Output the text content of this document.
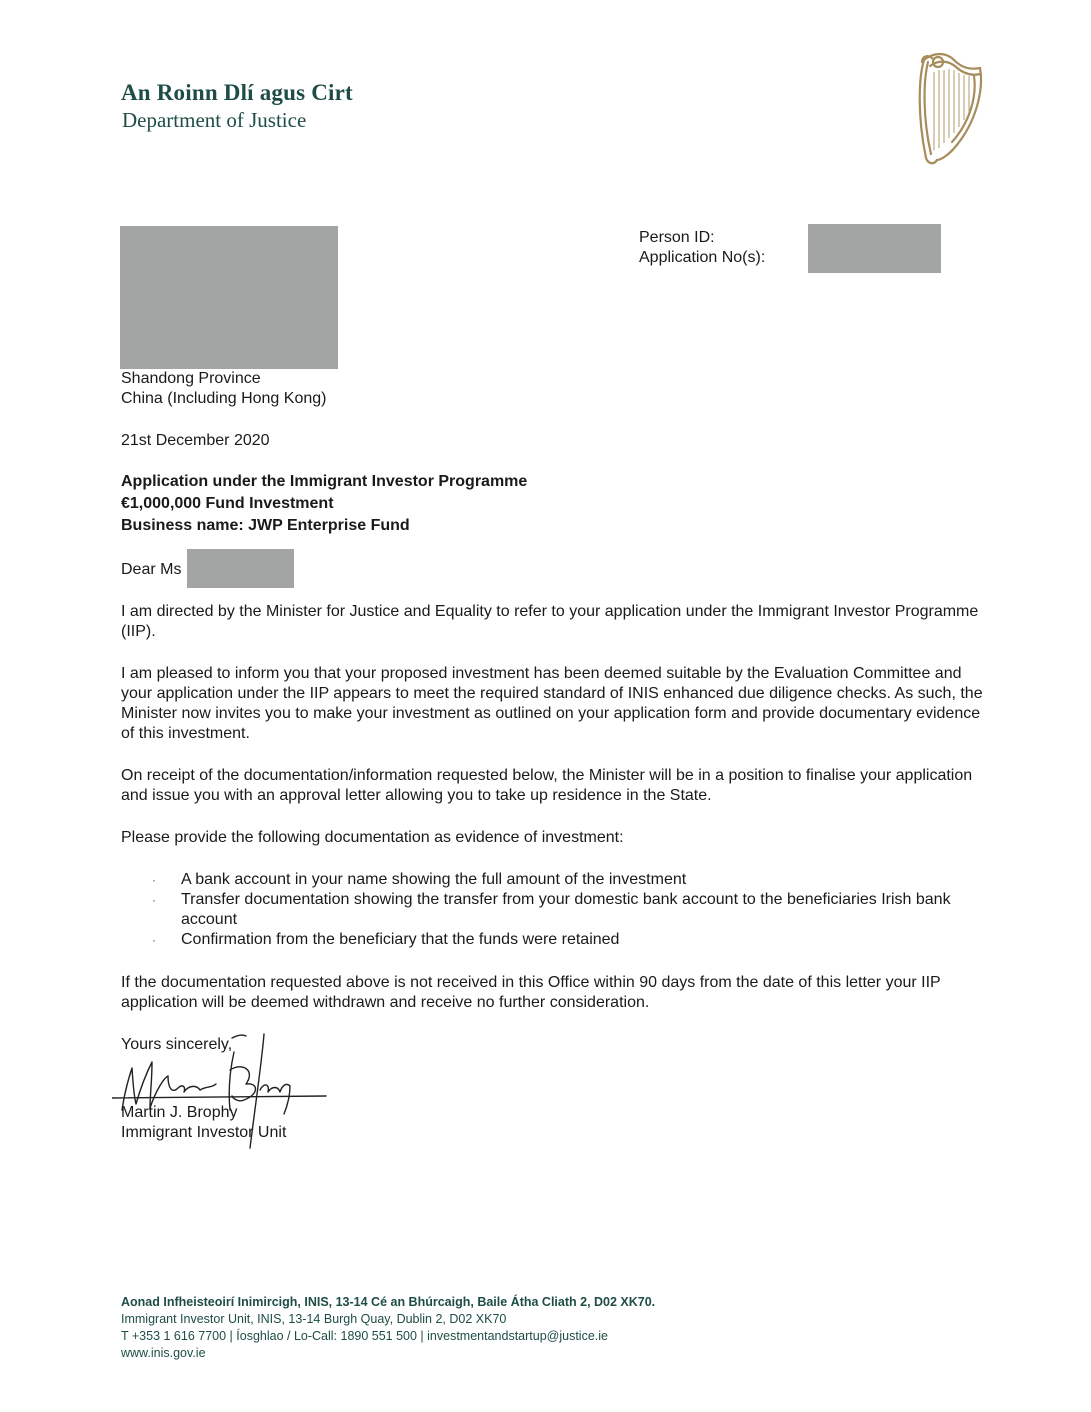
An Roinn Dlí agus Cirt
Department of Justice
Person ID:
Application No(s):
Shandong Province
China (Including Hong Kong)
21st December 2020
Application under the Immigrant Investor Programme
€1,000,000 Fund Investment
Business name: JWP Enterprise Fund
Dear Ms
I am directed by the Minister for Justice and Equality to refer to your application under the Immigrant Investor Programme (IIP).
I am pleased to inform you that your proposed investment has been deemed suitable by the Evaluation Committee and your application under the IIP appears to meet the required standard of INIS enhanced due diligence checks. As such, the Minister now invites you to make your investment as outlined on your application form and provide documentary evidence of this investment.
On receipt of the documentation/information requested below, the Minister will be in a position to finalise your application and issue you with an approval letter allowing you to take up residence in the State.
Please provide the following documentation as evidence of investment:
· A bank account in your name showing the full amount of the investment
· Transfer documentation showing the transfer from your domestic bank account to the beneficiaries Irish bank account
· Confirmation from the beneficiary that the funds were retained
If the documentation requested above is not received in this Office within 90 days from the date of this letter your IIP application will be deemed withdrawn and receive no further consideration.
Yours sincerely,
Martin J. Brophy
Immigrant Investor Unit
Aonad Infheisteoirí Inimircigh, INIS, 13-14 Cé an Bhúrcaigh, Baile Átha Cliath 2, D02 XK70.
Immigrant Investor Unit, INIS, 13-14 Burgh Quay, Dublin 2, D02 XK70
T +353 1 616 7700 | Íosghlao / Lo-Call: 1890 551 500 | investmentandstartup@justice.ie
www.inis.gov.ie
